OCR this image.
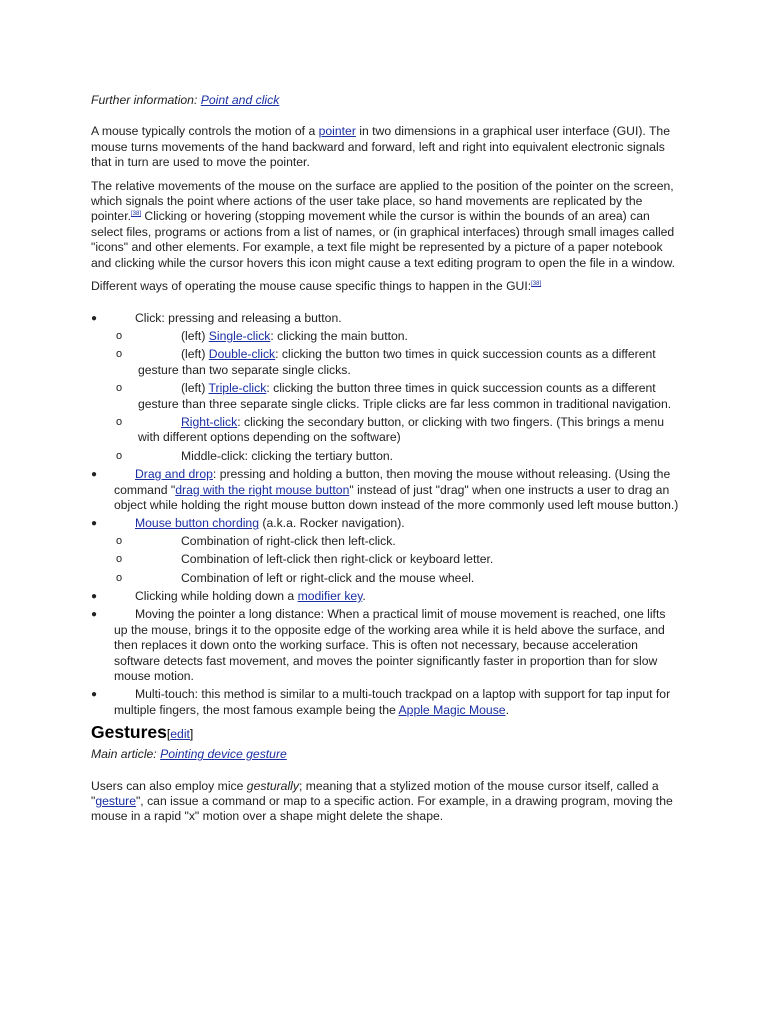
Further information: Point and click

A mouse typically controls the motion of a pointer in two dimensions in a graphical user interface (GUI). The mouse turns movements of the hand backward and forward, left and right into equivalent electronic signals that in turn are used to move the pointer.

The relative movements of the mouse on the surface are applied to the position of the pointer on the screen, which signals the point where actions of the user take place, so hand movements are replicated by the pointer.[38] Clicking or hovering (stopping movement while the cursor is within the bounds of an area) can select files, programs or actions from a list of names, or (in graphical interfaces) through small images called "icons" and other elements. For example, a text file might be represented by a picture of a paper notebook and clicking while the cursor hovers this icon might cause a text editing program to open the file in a window.

Different ways of operating the mouse cause specific things to happen in the GUI:[38]

●	Click: pressing and releasing a button.
o	(left) Single-click: clicking the main button.
o	(left) Double-click: clicking the button two times in quick succession counts as a different gesture than two separate single clicks.
o	(left) Triple-click: clicking the button three times in quick succession counts as a different gesture than three separate single clicks. Triple clicks are far less common in traditional navigation.
o	Right-click: clicking the secondary button, or clicking with two fingers. (This brings a menu with different options depending on the software)
o	Middle-click: clicking the tertiary button.
●	Drag and drop: pressing and holding a button, then moving the mouse without releasing. (Using the command "drag with the right mouse button" instead of just "drag" when one instructs a user to drag an object while holding the right mouse button down instead of the more commonly used left mouse button.)
●	Mouse button chording (a.k.a. Rocker navigation).
o	Combination of right-click then left-click.
o	Combination of left-click then right-click or keyboard letter.
o	Combination of left or right-click and the mouse wheel.
●	Clicking while holding down a modifier key.
●	Moving the pointer a long distance: When a practical limit of mouse movement is reached, one lifts up the mouse, brings it to the opposite edge of the working area while it is held above the surface, and then replaces it down onto the working surface. This is often not necessary, because acceleration software detects fast movement, and moves the pointer significantly faster in proportion than for slow mouse motion.
●	Multi-touch: this method is similar to a multi-touch trackpad on a laptop with support for tap input for multiple fingers, the most famous example being the Apple Magic Mouse.
Gestures[edit]

Main article: Pointing device gesture

Users can also employ mice gesturally; meaning that a stylized motion of the mouse cursor itself, called a "gesture", can issue a command or map to a specific action. For example, in a drawing program, moving the mouse in a rapid "x" motion over a shape might delete the shape.
